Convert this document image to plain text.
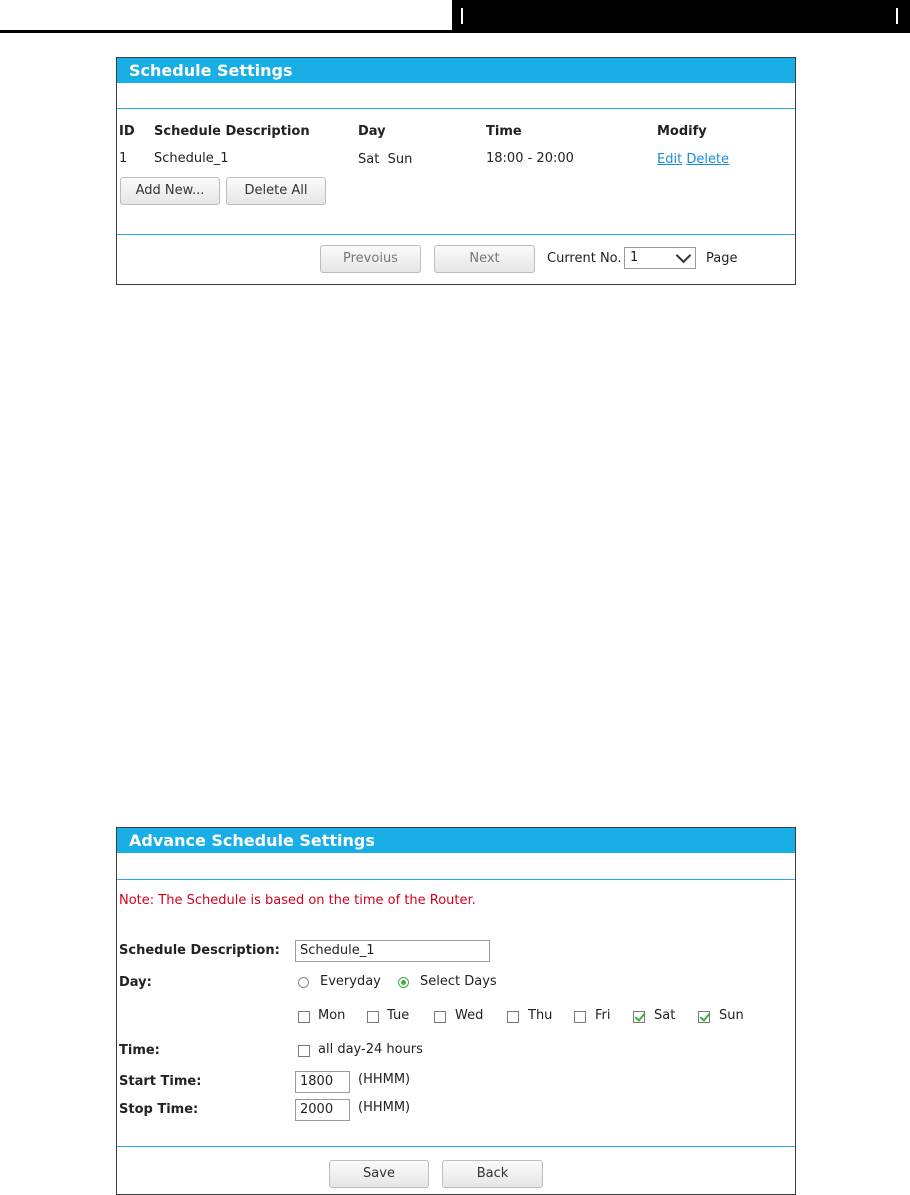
Schedule Settings
ID Schedule Description	Day	Time	Modify
1 Schedule_1	Sat  Sun	18:00 - 20:00	Edit Delete
Add New...	Delete All
Prevoius	Next	Current No. 1	Page
Advance Schedule Settings
Note: The Schedule is based on the time of the Router.
Schedule Description:	Schedule_1
Day:	Everyday	Select Days
Mon	Tue	Wed	Thu	Fri	Sat	Sun
Time:	all day-24 hours
Start Time:	1800	(HHMM)
Stop Time:	2000	(HHMM)
Save	Back
